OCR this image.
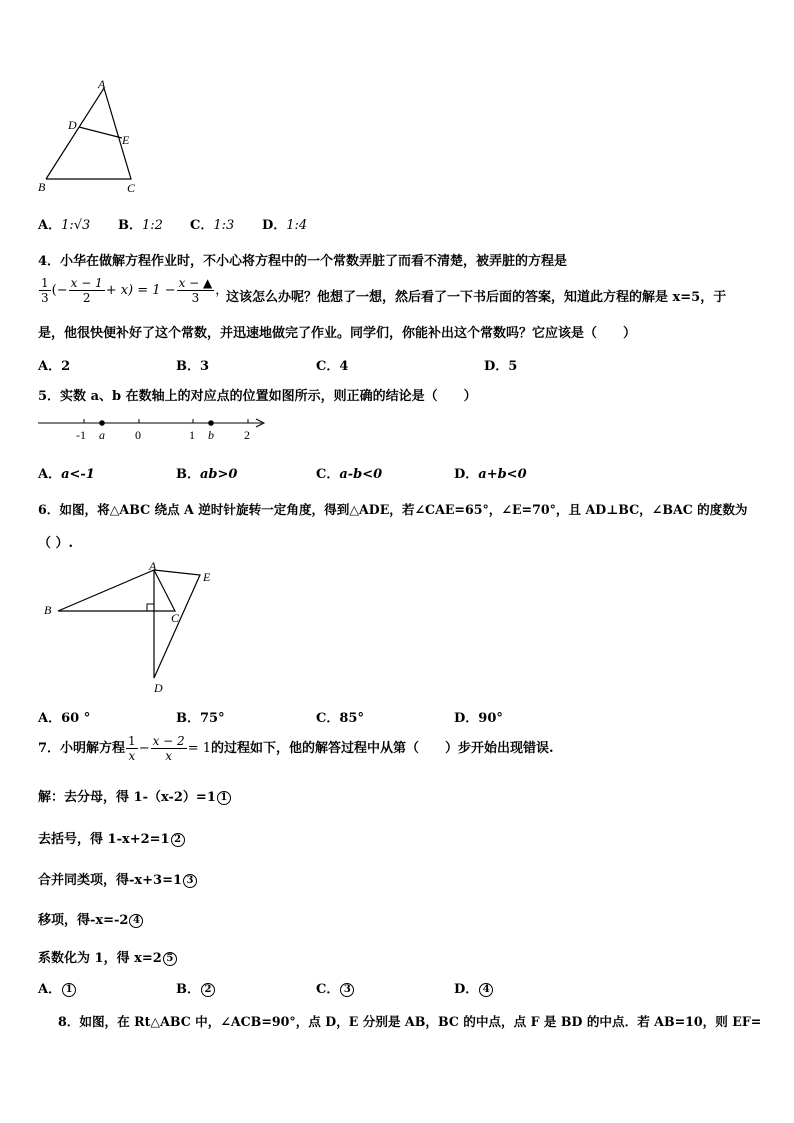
A
D
E
B	C
A．1:√3 B．1:2 C．1:3 D．1:4
4．小华在做解方程作业时，不小心将方程中的一个常数弄脏了而看不清楚，被弄脏的方程是
$\frac{1}{3}$ (− $\frac{x - 1}{2} + x) = 1 - \frac{x - ▲}{3}$ ，
这该怎么办呢？他想了一想，然后看了一下书后面的答案，知道此方程的解是 x=5，于
是，他很快便补好了这个常数，并迅速地做完了作业。同学们，你能补出这个常数吗？它应该是（　　）
A．2	B．3	C．4	D．5
5．实数 a、b 在数轴上的对应点的位置如图所示，则正确的结论是（　　）
-1	0	1	2
a	b
A．a<-1	B．ab>0	C．a-b<0	D．a+b<0
6．如图，将△ABC 绕点 A 逆时针旋转一定角度，得到△ADE，若∠CAE=65°，∠E=70°，且 AD⊥BC，∠BAC 的度数为
（ ）.
A
B
C
D
E
A．60 °	B．75°	C．85°	D．90°
7．小明解方程 $\frac{1}{x} - \frac{x - 2}{x} = 1$的过程如下，他的解答过程中从第（　　）步开始出现错误.
解：去分母，得 1-（x-2）=1 1
去括号，得 1-x+2=1 2
合并同类项，得-x+3=1 3
移项，得-x=-2 4
系数化为 1，得 x=2 5
A． 1	B． 2	C． 3	D． 4
8．如图，在 Rt△ABC 中，∠ACB=90°，点 D，E 分别是 AB，BC 的中点，点 F 是 BD 的中点．若 AB=10，则 EF=
